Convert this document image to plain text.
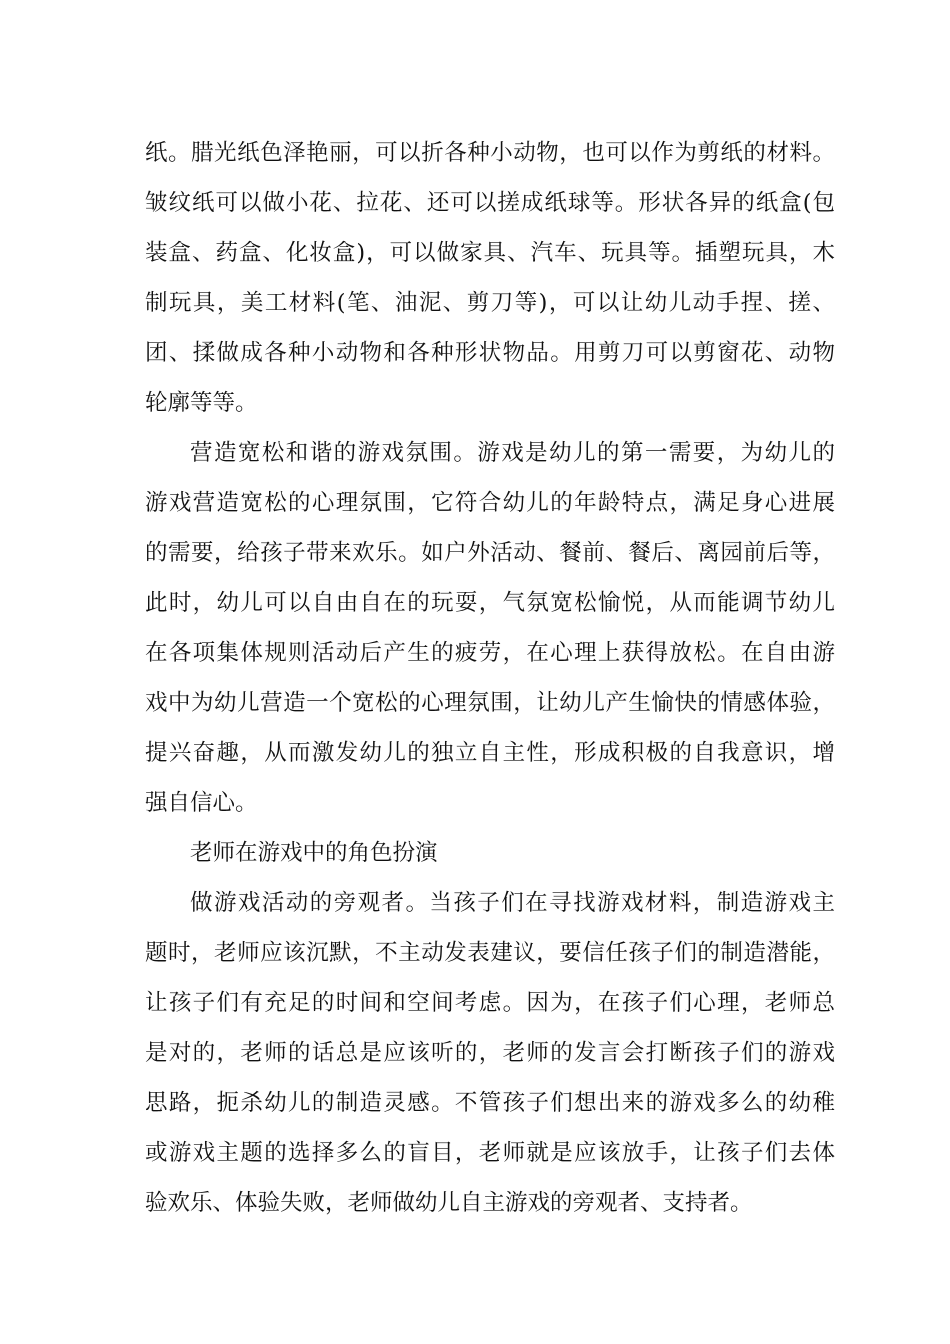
纸。腊光纸色泽艳丽，可以折各种小动物，也可以作为剪纸的材料。
皱纹纸可以做小花、拉花、还可以搓成纸球等。形状各异的纸盒(包
装盒、药盒、化妆盒)，可以做家具、汽车、玩具等。插塑玩具，木
制玩具，美工材料(笔、油泥、剪刀等)，可以让幼儿动手捏、搓、
团、揉做成各种小动物和各种形状物品。用剪刀可以剪窗花、动物
轮廓等等。
营造宽松和谐的游戏氛围。游戏是幼儿的第一需要，为幼儿的
游戏营造宽松的心理氛围，它符合幼儿的年龄特点，满足身心进展
的需要，给孩子带来欢乐。如户外活动、餐前、餐后、离园前后等，
此时，幼儿可以自由自在的玩耍，气氛宽松愉悦，从而能调节幼儿
在各项集体规则活动后产生的疲劳，在心理上获得放松。在自由游
戏中为幼儿营造一个宽松的心理氛围，让幼儿产生愉快的情感体验，
提兴奋趣，从而激发幼儿的独立自主性，形成积极的自我意识，增
强自信心。
老师在游戏中的角色扮演
做游戏活动的旁观者。当孩子们在寻找游戏材料，制造游戏主
题时，老师应该沉默，不主动发表建议，要信任孩子们的制造潜能，
让孩子们有充足的时间和空间考虑。因为，在孩子们心理，老师总
是对的，老师的话总是应该听的，老师的发言会打断孩子们的游戏
思路，扼杀幼儿的制造灵感。不管孩子们想出来的游戏多么的幼稚
或游戏主题的选择多么的盲目，老师就是应该放手，让孩子们去体
验欢乐、体验失败，老师做幼儿自主游戏的旁观者、支持者。
